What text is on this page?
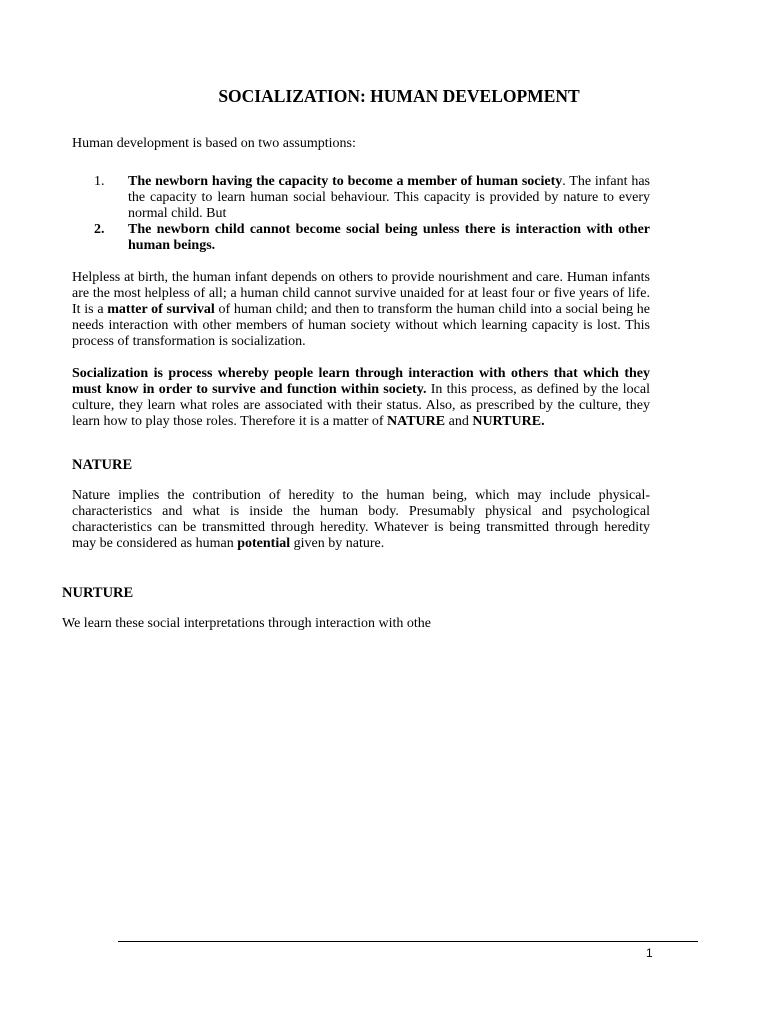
SOCIALIZATION: HUMAN DEVELOPMENT

Human development is based on two assumptions:

1. The newborn having the capacity to become a member of human society. The infant has the capacity to learn human social behaviour. This capacity is provided by nature to every normal child. But

2. The newborn child cannot become social being unless there is interaction with other human beings.

Helpless at birth, the human infant depends on others to provide nourishment and care. Human infants are the most helpless of all; a human child cannot survive unaided for at least four or five years of life. It is a matter of survival of human child; and then to transform the human child into a social being he needs interaction with other members of human society without which learning capacity is lost. This process of transformation is socialization.

Socialization is process whereby people learn through interaction with others that which they must know in order to survive and function within society. In this process, as defined by the local culture, they learn what roles are associated with their status. Also, as prescribed by the culture, they learn how to play those roles. Therefore it is a matter of NATURE and NURTURE.

NATURE

Nature implies the contribution of heredity to the human being, which may include physical- characteristics and what is inside the human body. Presumably physical and psychological characteristics can be transmitted through heredity. Whatever is being transmitted through heredity may be considered as human potential given by nature.

NURTURE

We learn these social interpretations through interaction with othe

1
